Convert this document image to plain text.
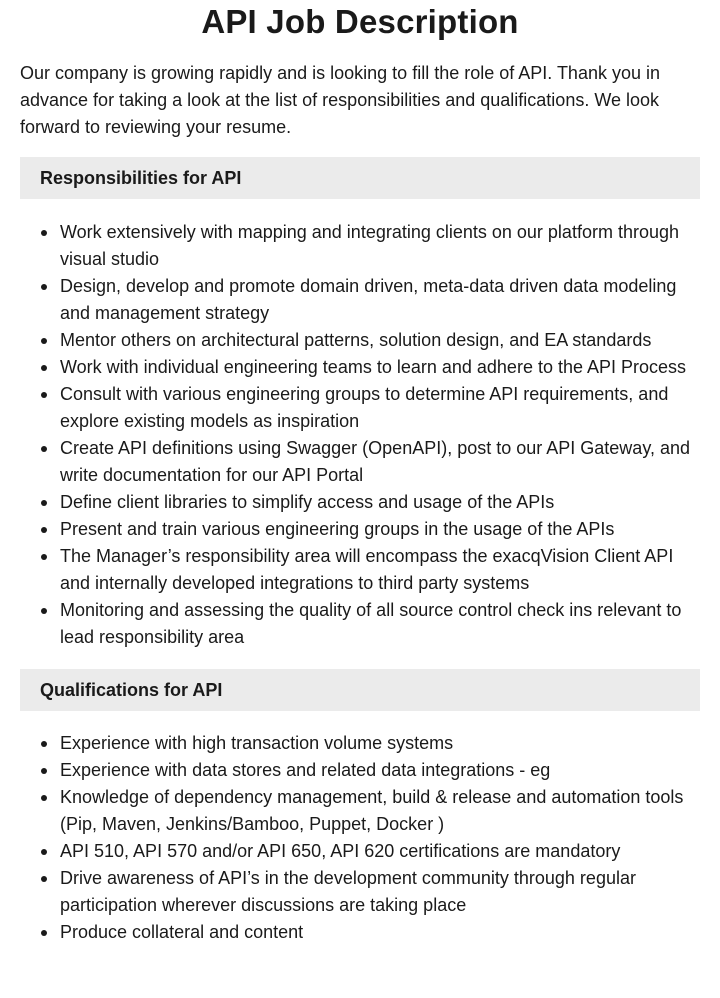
API Job Description

Our company is growing rapidly and is looking to fill the role of API. Thank you in advance for taking a look at the list of responsibilities and qualifications. We look forward to reviewing your resume.

Responsibilities for API
Work extensively with mapping and integrating clients on our platform through visual studio
Design, develop and promote domain driven, meta-data driven data modeling and management strategy
Mentor others on architectural patterns, solution design, and EA standards
Work with individual engineering teams to learn and adhere to the API Process
Consult with various engineering groups to determine API requirements, and explore existing models as inspiration
Create API definitions using Swagger (OpenAPI), post to our API Gateway, and write documentation for our API Portal
Define client libraries to simplify access and usage of the APIs
Present and train various engineering groups in the usage of the APIs
The Manager’s responsibility area will encompass the exacqVision Client API and internally developed integrations to third party systems
Monitoring and assessing the quality of all source control check ins relevant to lead responsibility area
Qualifications for API
Experience with high transaction volume systems
Experience with data stores and related data integrations - eg
Knowledge of dependency management, build & release and automation tools (Pip, Maven, Jenkins/Bamboo, Puppet, Docker )
API 510, API 570 and/or API 650, API 620 certifications are mandatory
Drive awareness of API’s in the development community through regular participation wherever discussions are taking place
Produce collateral and content
